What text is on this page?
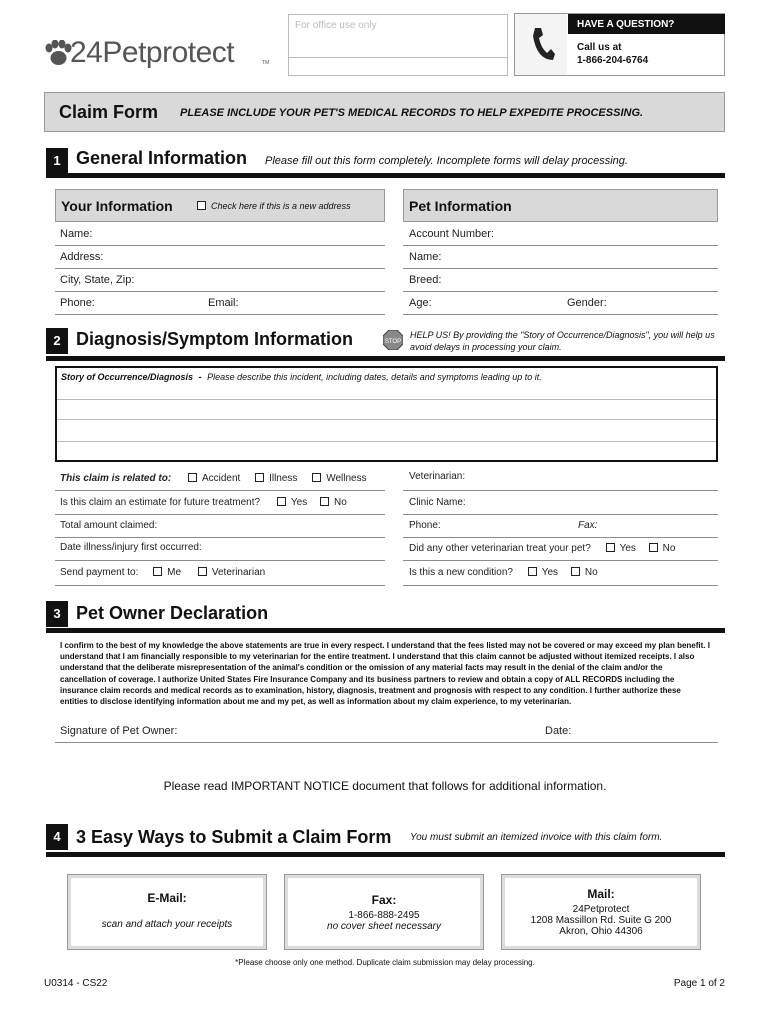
24Petprotect	TM
For office use only	HAVE A QUESTION?
Call us at
1-866-204-6764
Claim Form PLEASE INCLUDE YOUR PET'S MEDICAL RECORDS TO HELP EXPEDITE PROCESSING.
1 General Information Please fill out this form completely. Incomplete forms will delay processing.
Your Information	Check here if this is a new address
Name:
Address:
City, State, Zip:
Phone:	Email:
Pet Information
Account Number:
Name:
Breed:
Age:	Gender:
2 Diagnosis/Symptom Information	STOP
HELP US! By providing the "Story of Occurrence/Diagnosis", you will help us avoid delays in processing your claim.
Story of Occurrence/Diagnosis - Please describe this incident, including dates, details and symptoms leading up to it.
This claim is related to:	Accident	Illness	Wellness
Is this claim an estimate for future treatment?	Yes	No
Total amount claimed:
Date illness/injury first occurred:
Send payment to:	Me	Veterinarian
Veterinarian:
Clinic Name:
Phone:	Fax:
Did any other veterinarian treat your pet?	Yes	No
Is this a new condition?	Yes	No
3 Pet Owner Declaration

I confirm to the best of my knowledge the above statements are true in every respect. I understand that the fees listed may not be covered or may exceed my plan benefit. I understand that I am financially responsible to my veterinarian for the entire treatment. I understand that this claim cannot be adjusted without itemized receipts. I also understand that the deliberate misrepresentation of the animal's condition or the omission of any material facts may result in the denial of the claim and/or the cancellation of coverage. I authorize United States Fire Insurance Company and its business partners to review and obtain a copy of ALL RECORDS including the insurance claim records and medical records as to examination, history, diagnosis, treatment and prognosis with respect to any condition. I further authorize these entities to disclose identifying information about me and my pet, as well as information about my claim experience, to my veterinarian.

Signature of Pet Owner:	Date:

Please read IMPORTANT NOTICE document that follows for additional information.

4 3 Easy Ways to Submit a Claim Form You must submit an itemized invoice with this claim form.
E-Mail:
scan and attach your receipts
Fax:
1-866-888-2495
no cover sheet necessary
Mail:
24Petprotect
1208 Massillon Rd. Suite G 200
Akron, Ohio 44306

*Please choose only one method. Duplicate claim submission may delay processing.

U0314 - CS22	Page 1 of 2
